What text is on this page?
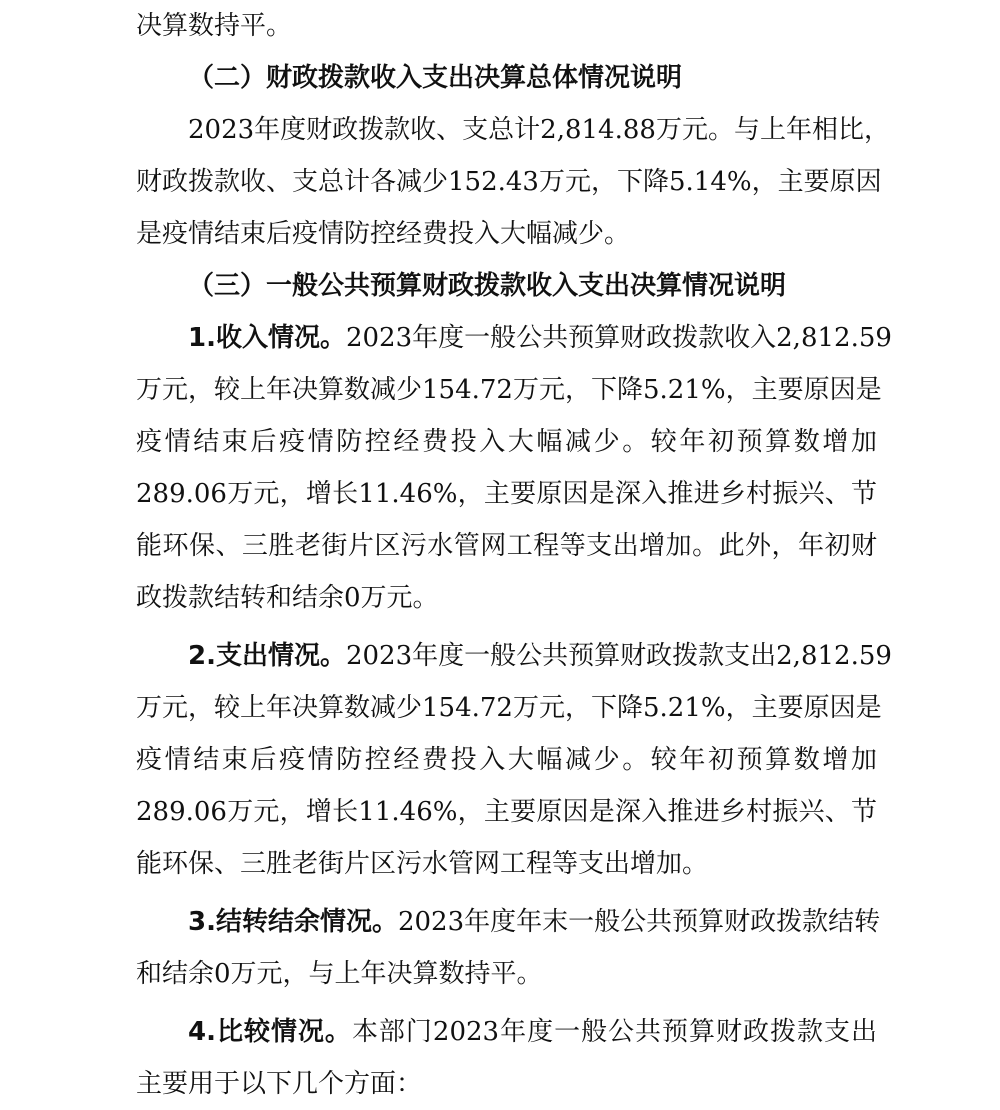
决算数持平。
（二）财政拨款收入支出决算总体情况说明
2023年度财政拨款收、支总计2,814.88万元。与上年相比，
财政拨款收、支总计各减少152.43万元，下降5.14%，主要原因
是疫情结束后疫情防控经费投入大幅减少。
（三）一般公共预算财政拨款收入支出决算情况说明
1.收入情况。2023年度一般公共预算财政拨款收入2,812.59
万元，较上年决算数减少154.72万元，下降5.21%，主要原因是
疫情结束后疫情防控经费投入大幅减少。较年初预算数增加
289.06万元，增长11.46%，主要原因是深入推进乡村振兴、节
能环保、三胜老街片区污水管网工程等支出增加。此外，年初财
政拨款结转和结余0万元。
2.支出情况。2023年度一般公共预算财政拨款支出2,812.59
万元，较上年决算数减少154.72万元，下降5.21%，主要原因是
疫情结束后疫情防控经费投入大幅减少。较年初预算数增加
289.06万元，增长11.46%，主要原因是深入推进乡村振兴、节
能环保、三胜老街片区污水管网工程等支出增加。
3.结转结余情况。2023年度年末一般公共预算财政拨款结转
和结余0万元，与上年决算数持平。
4.比较情况。本部门2023年度一般公共预算财政拨款支出
主要用于以下几个方面：
